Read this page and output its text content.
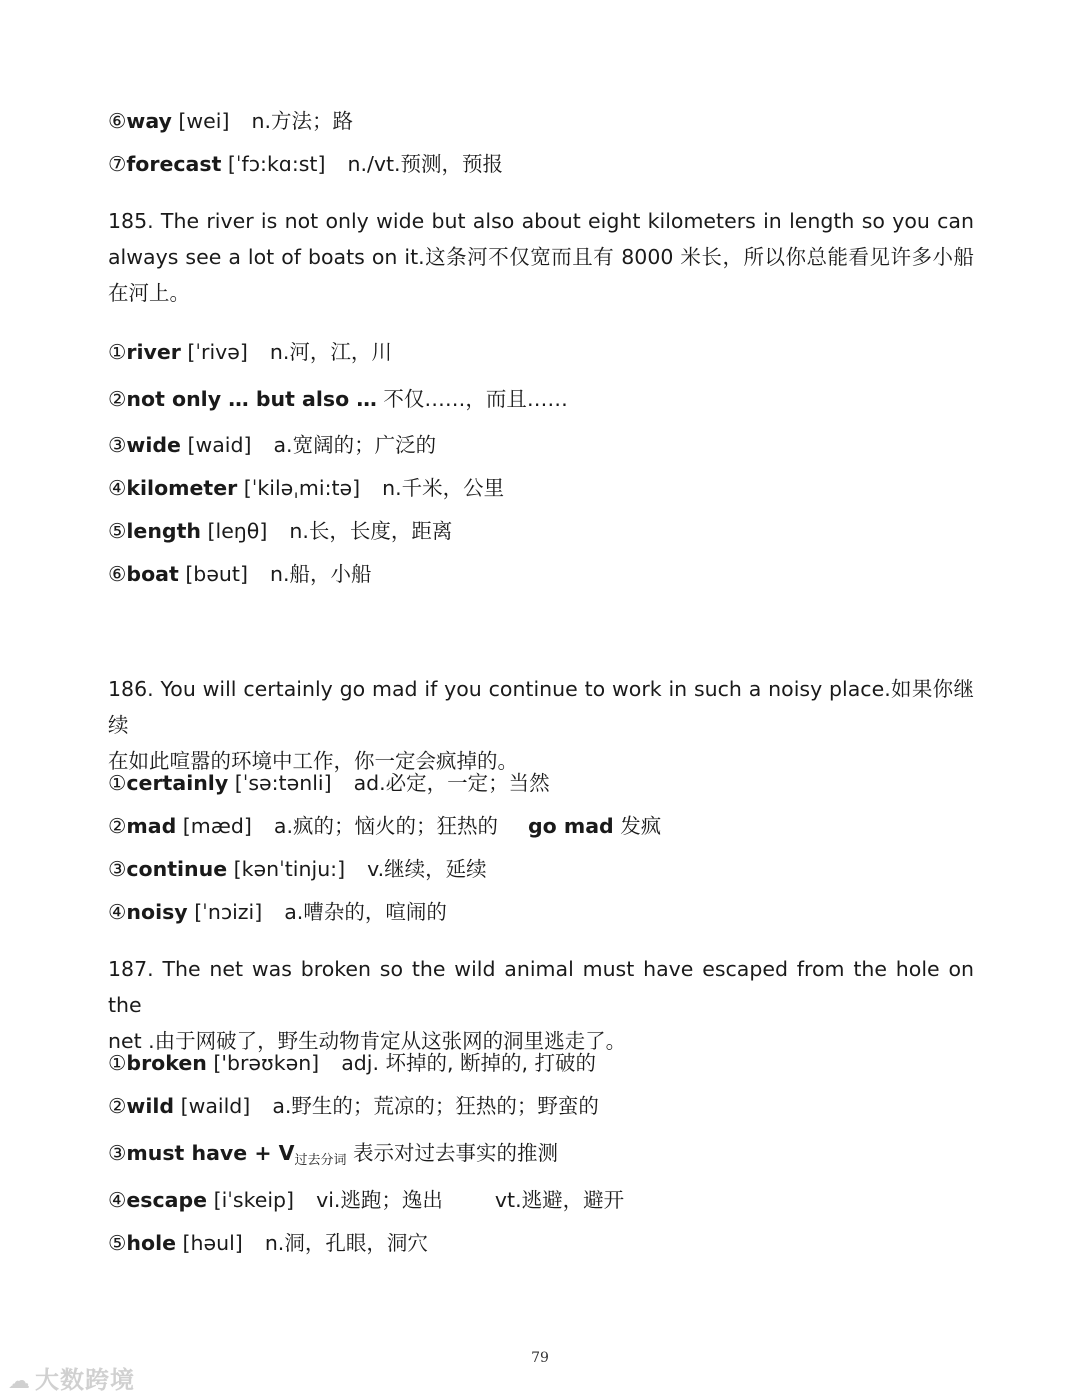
⑥way [wei] n.方法；路
⑦forecast [ˈfɔ:kɑ:st] n./vt.预测，预报
185. The river is not only wide but also about eight kilometers in length so you can
always see a lot of boats on it.这条河不仅宽而且有 8000 米长，所以你总能看见许多小船
在河上。
①river [ˈrivə] n.河，江，川
②not only … but also … 不仅……，而且……
③wide [waid] a.宽阔的；广泛的
④kilometer [ˈkiləˌmi:tə] n.千米，公里
⑤length [leŋθ] n.长，长度，距离
⑥boat [bəut] n.船，小船
186. You will certainly go mad if you continue to work in such a noisy place.如果你继续
在如此喧嚣的环境中工作，你一定会疯掉的。
①certainly [ˈsə:tənli] ad.必定，一定；当然
②mad [mæd] a.疯的；恼火的；狂热的 go mad 发疯
③continue [kənˈtinju:] v.继续，延续
④noisy [ˈnɔizi] a.嘈杂的，喧闹的
187. The net was broken so the wild animal must have escaped from the hole on the
net .由于网破了，野生动物肯定从这张网的洞里逃走了。
①broken ['brəʊkən] adj. 坏掉的, 断掉的, 打破的
②wild [waild] a.野生的；荒凉的；狂热的；野蛮的
③must have + $V_{过去分词}$ 表示对过去事实的推测
④escape [iˈskeip] vi.逃跑；逸出	vt.逃避，避开
⑤hole [həul] n.洞，孔眼，洞穴
79
☁ 大数跨境
